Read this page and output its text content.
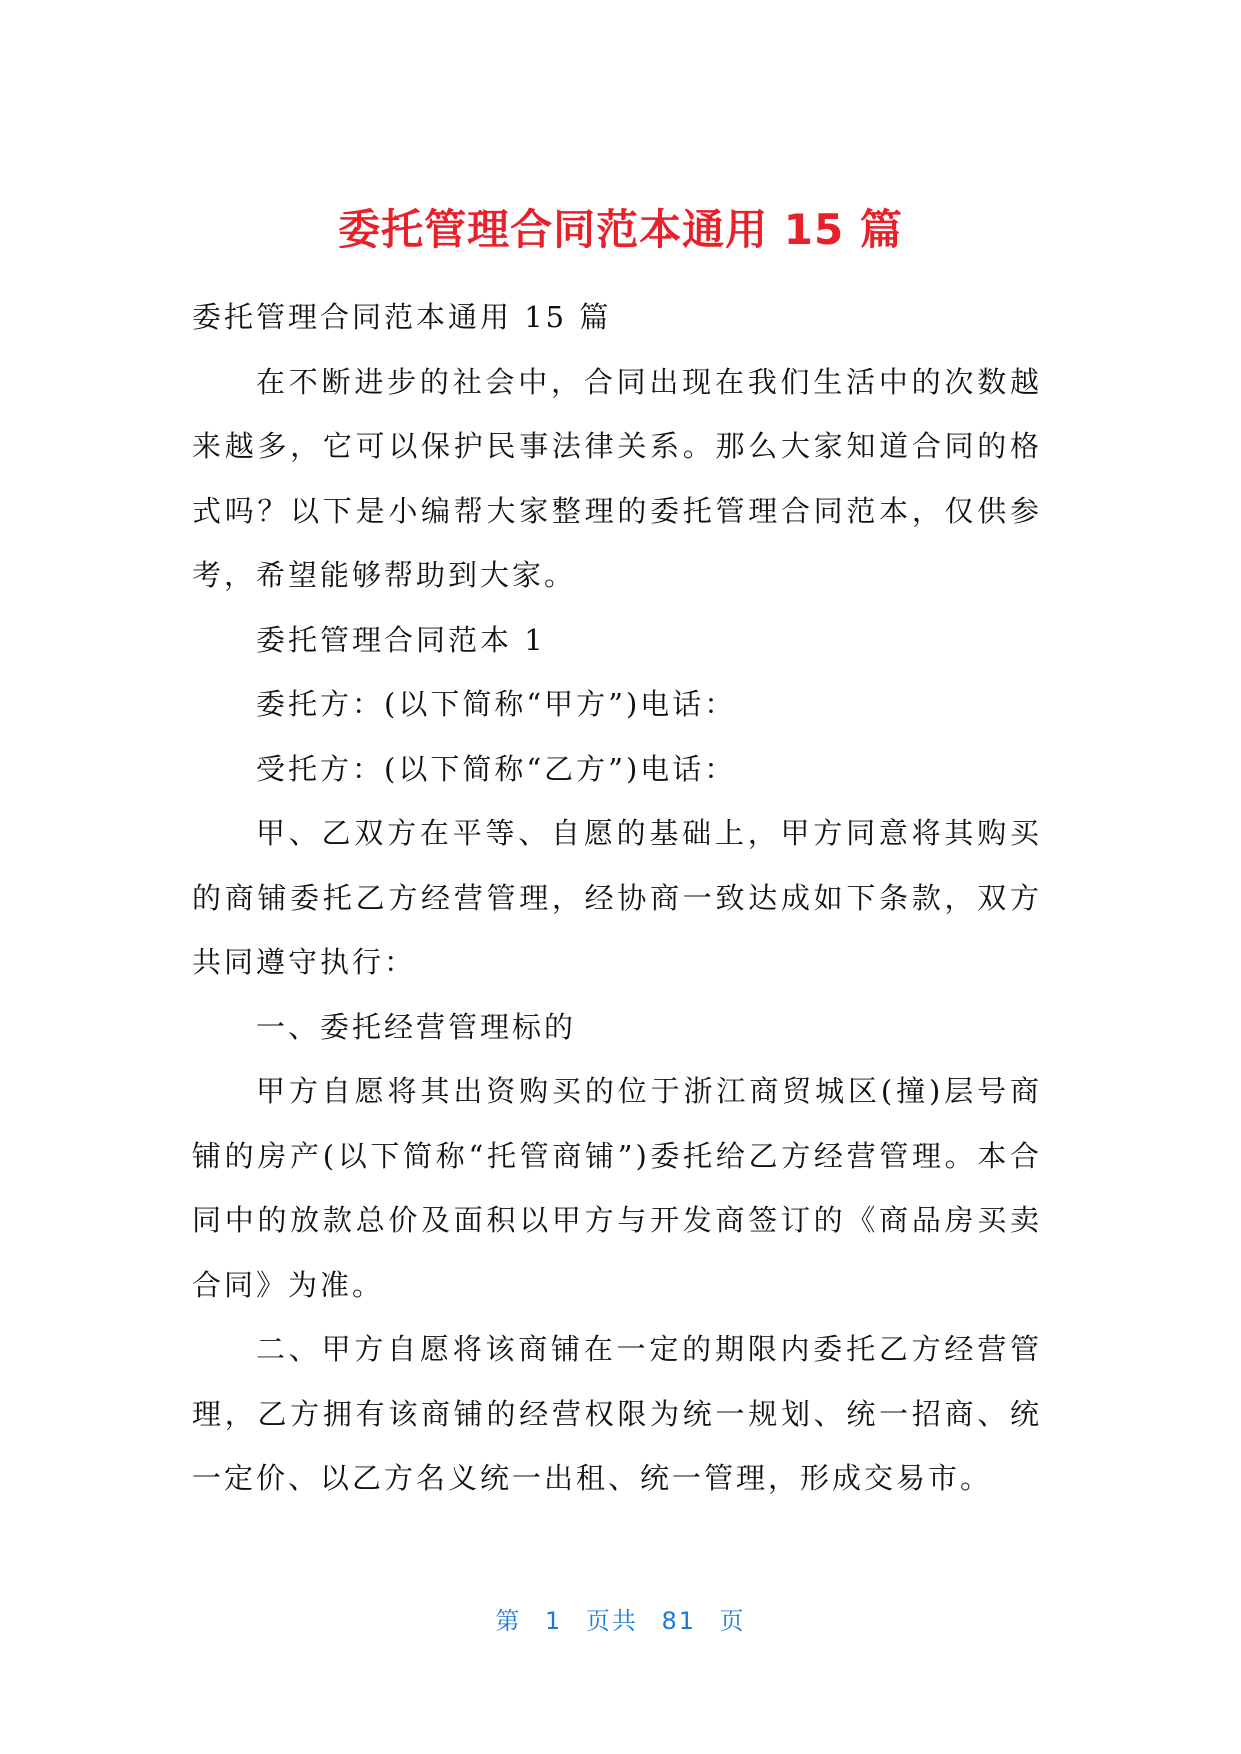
委托管理合同范本通用 15 篇

委托管理合同范本通用 15 篇

在不断进步的社会中，合同出现在我们生活中的次数越来越多，它可以保护民事法律关系。那么大家知道合同的格式吗？以下是小编帮大家整理的委托管理合同范本，仅供参考，希望能够帮助到大家。

委托管理合同范本 1

委托方：(以下简称“甲方”)电话：

受托方：(以下简称“乙方”)电话：

甲、乙双方在平等、自愿的基础上，甲方同意将其购买的商铺委托乙方经营管理，经协商一致达成如下条款，双方共同遵守执行：

一、委托经营管理标的

甲方自愿将其出资购买的位于浙江商贸城区(撞)层号商铺的房产(以下简称“托管商铺”)委托给乙方经营管理。本合同中的放款总价及面积以甲方与开发商签订的《商品房买卖合同》为准。

二、甲方自愿将该商铺在一定的期限内委托乙方经营管理，乙方拥有该商铺的经营权限为统一规划、统一招商、统一定价、以乙方名义统一出租、统一管理，形成交易市。

第 1 页共 81 页
